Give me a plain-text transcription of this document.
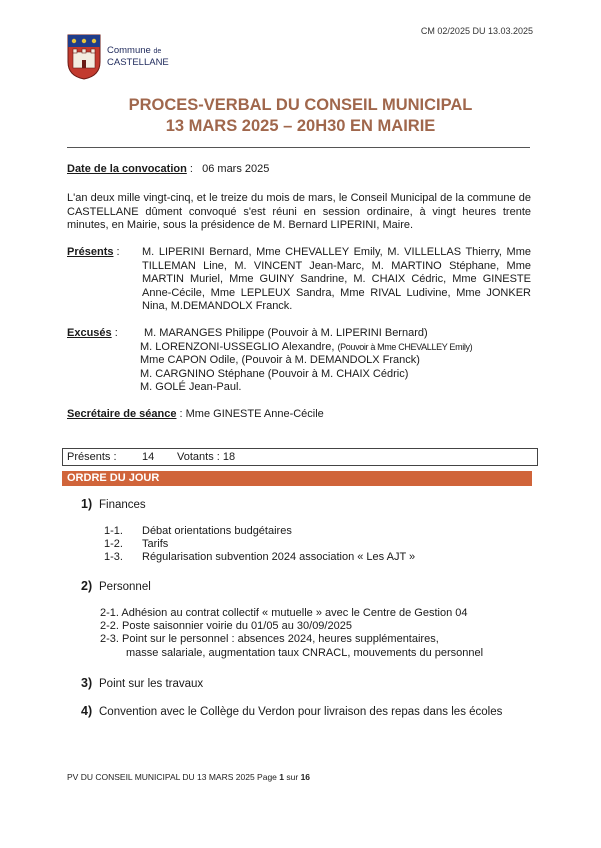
CM 02/2025 DU 13.03.2025
Commune de
CASTELLANE
PROCES-VERBAL DU CONSEIL MUNICIPAL
13 MARS 2025 – 20H30 EN MAIRIE
Date de la convocation :   06 mars 2025
L'an deux mille vingt-cinq, et le treize du mois de mars, le Conseil Municipal de la commune de CASTELLANE dûment convoqué s'est réuni en session ordinaire, à vingt heures trente minutes, en Mairie, sous la présidence de M. Bernard LIPERINI, Maire.
Présents : M. LIPERINI Bernard, Mme CHEVALLEY Emily, M. VILLELLAS Thierry, Mme TILLEMAN Line, M. VINCENT Jean-Marc, M. MARTINO Stéphane, Mme MARTIN Muriel, Mme GUINY Sandrine, M. CHAIX Cédric, Mme GINESTE Anne-Cécile, Mme LEPLEUX Sandra, Mme RIVAL Ludivine, Mme JONKER Nina, M.DEMANDOLX Franck.
Excusés : M. MARANGES Philippe (Pouvoir à M. LIPERINI Bernard)
M. LORENZONI-USSEGLIO Alexandre, (Pouvoir à Mme CHEVALLEY Emily)
Mme CAPON Odile, (Pouvoir à M. DEMANDOLX Franck)
M. CARGNINO Stéphane (Pouvoir à M. CHAIX Cédric)
M. GOLÉ Jean-Paul.
Secrétaire de séance : Mme GINESTE Anne-Cécile
Présents : 14 Votants : 18
ORDRE DU JOUR
1) Finances
1-1. Débat orientations budgétaires
1-2. Tarifs
1-3. Régularisation subvention 2024 association « Les AJT »
2) Personnel
2-1. Adhésion au contrat collectif « mutuelle » avec le Centre de Gestion 04
2-2. Poste saisonnier voirie du 01/05 au 30/09/2025
2-3. Point sur le personnel : absences 2024, heures supplémentaires,
masse salariale, augmentation taux CNRACL, mouvements du personnel
3) Point sur les travaux
4) Convention avec le Collège du Verdon pour livraison des repas dans les écoles
PV DU CONSEIL MUNICIPAL DU 13 MARS 2025 Page 1 sur 16
